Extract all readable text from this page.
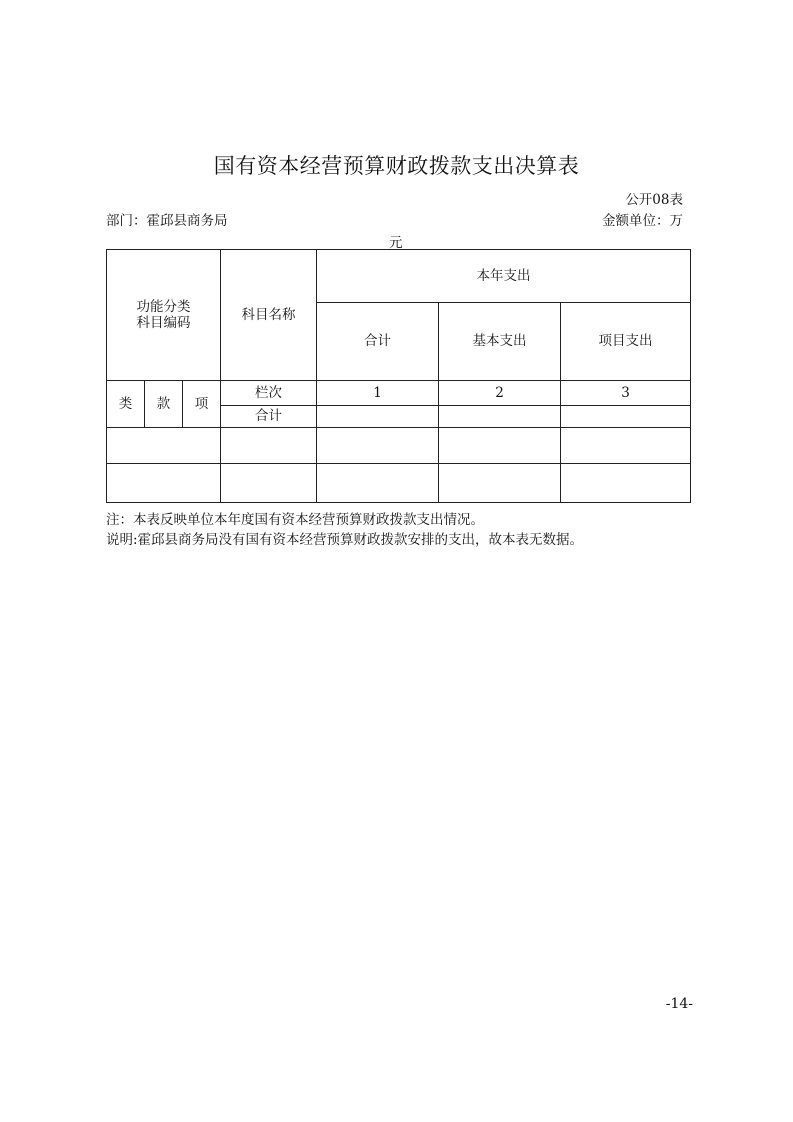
国有资本经营预算财政拨款支出决算表
公开08表
部门：霍邱县商务局	金额单位：万
元
功能分类
科目编码			科目名称	本年支出		
				合计	基本支出	项目支出
类	款	项	栏次	1	2	3
			合计			

注：本表反映单位本年度国有资本经营预算财政拨款支出情况。
说明:霍邱县商务局没有国有资本经营预算财政拨款安排的支出，故本表无数据。
-14-
